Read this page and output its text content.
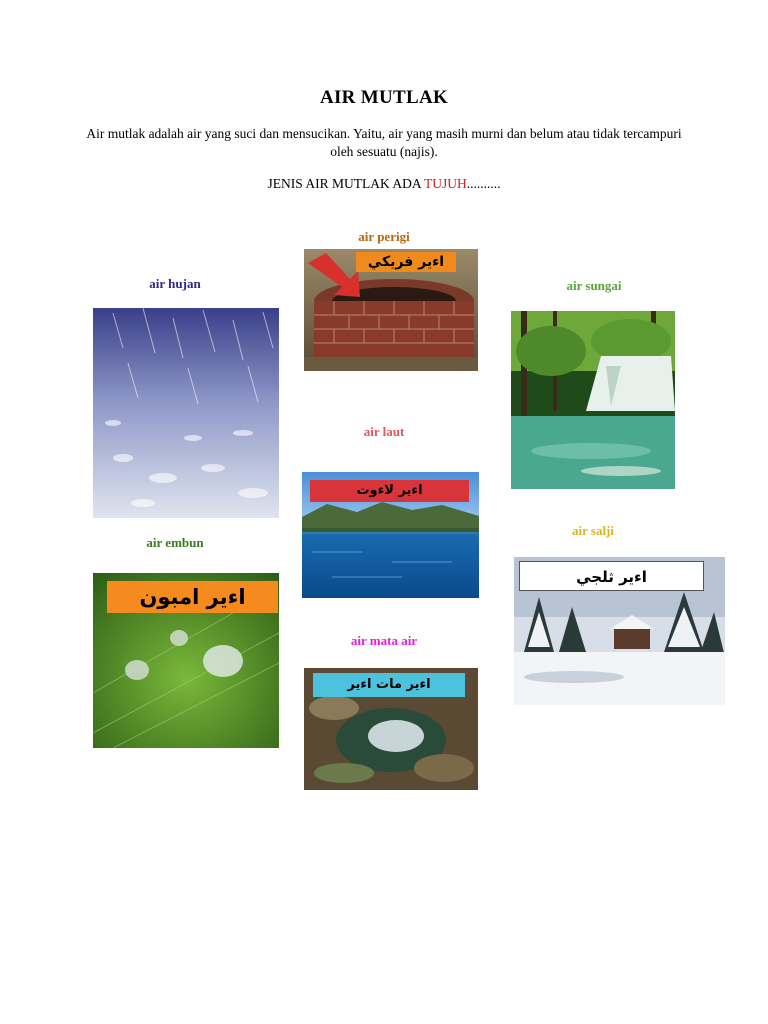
AIR MUTLAK
Air mutlak adalah air yang suci dan mensucikan. Yaitu, air yang masih murni dan belum atau tidak tercampuri oleh sesuatu (najis).
JENIS AIR MUTLAK ADA TUJUH..........
air perigi
اءير فريكي
air hujan	air sungai
air laut
اءير لاءوت
air salji
اءير ثلجي
air embun
اءير امبون
air mata air
اءير مات اءير
